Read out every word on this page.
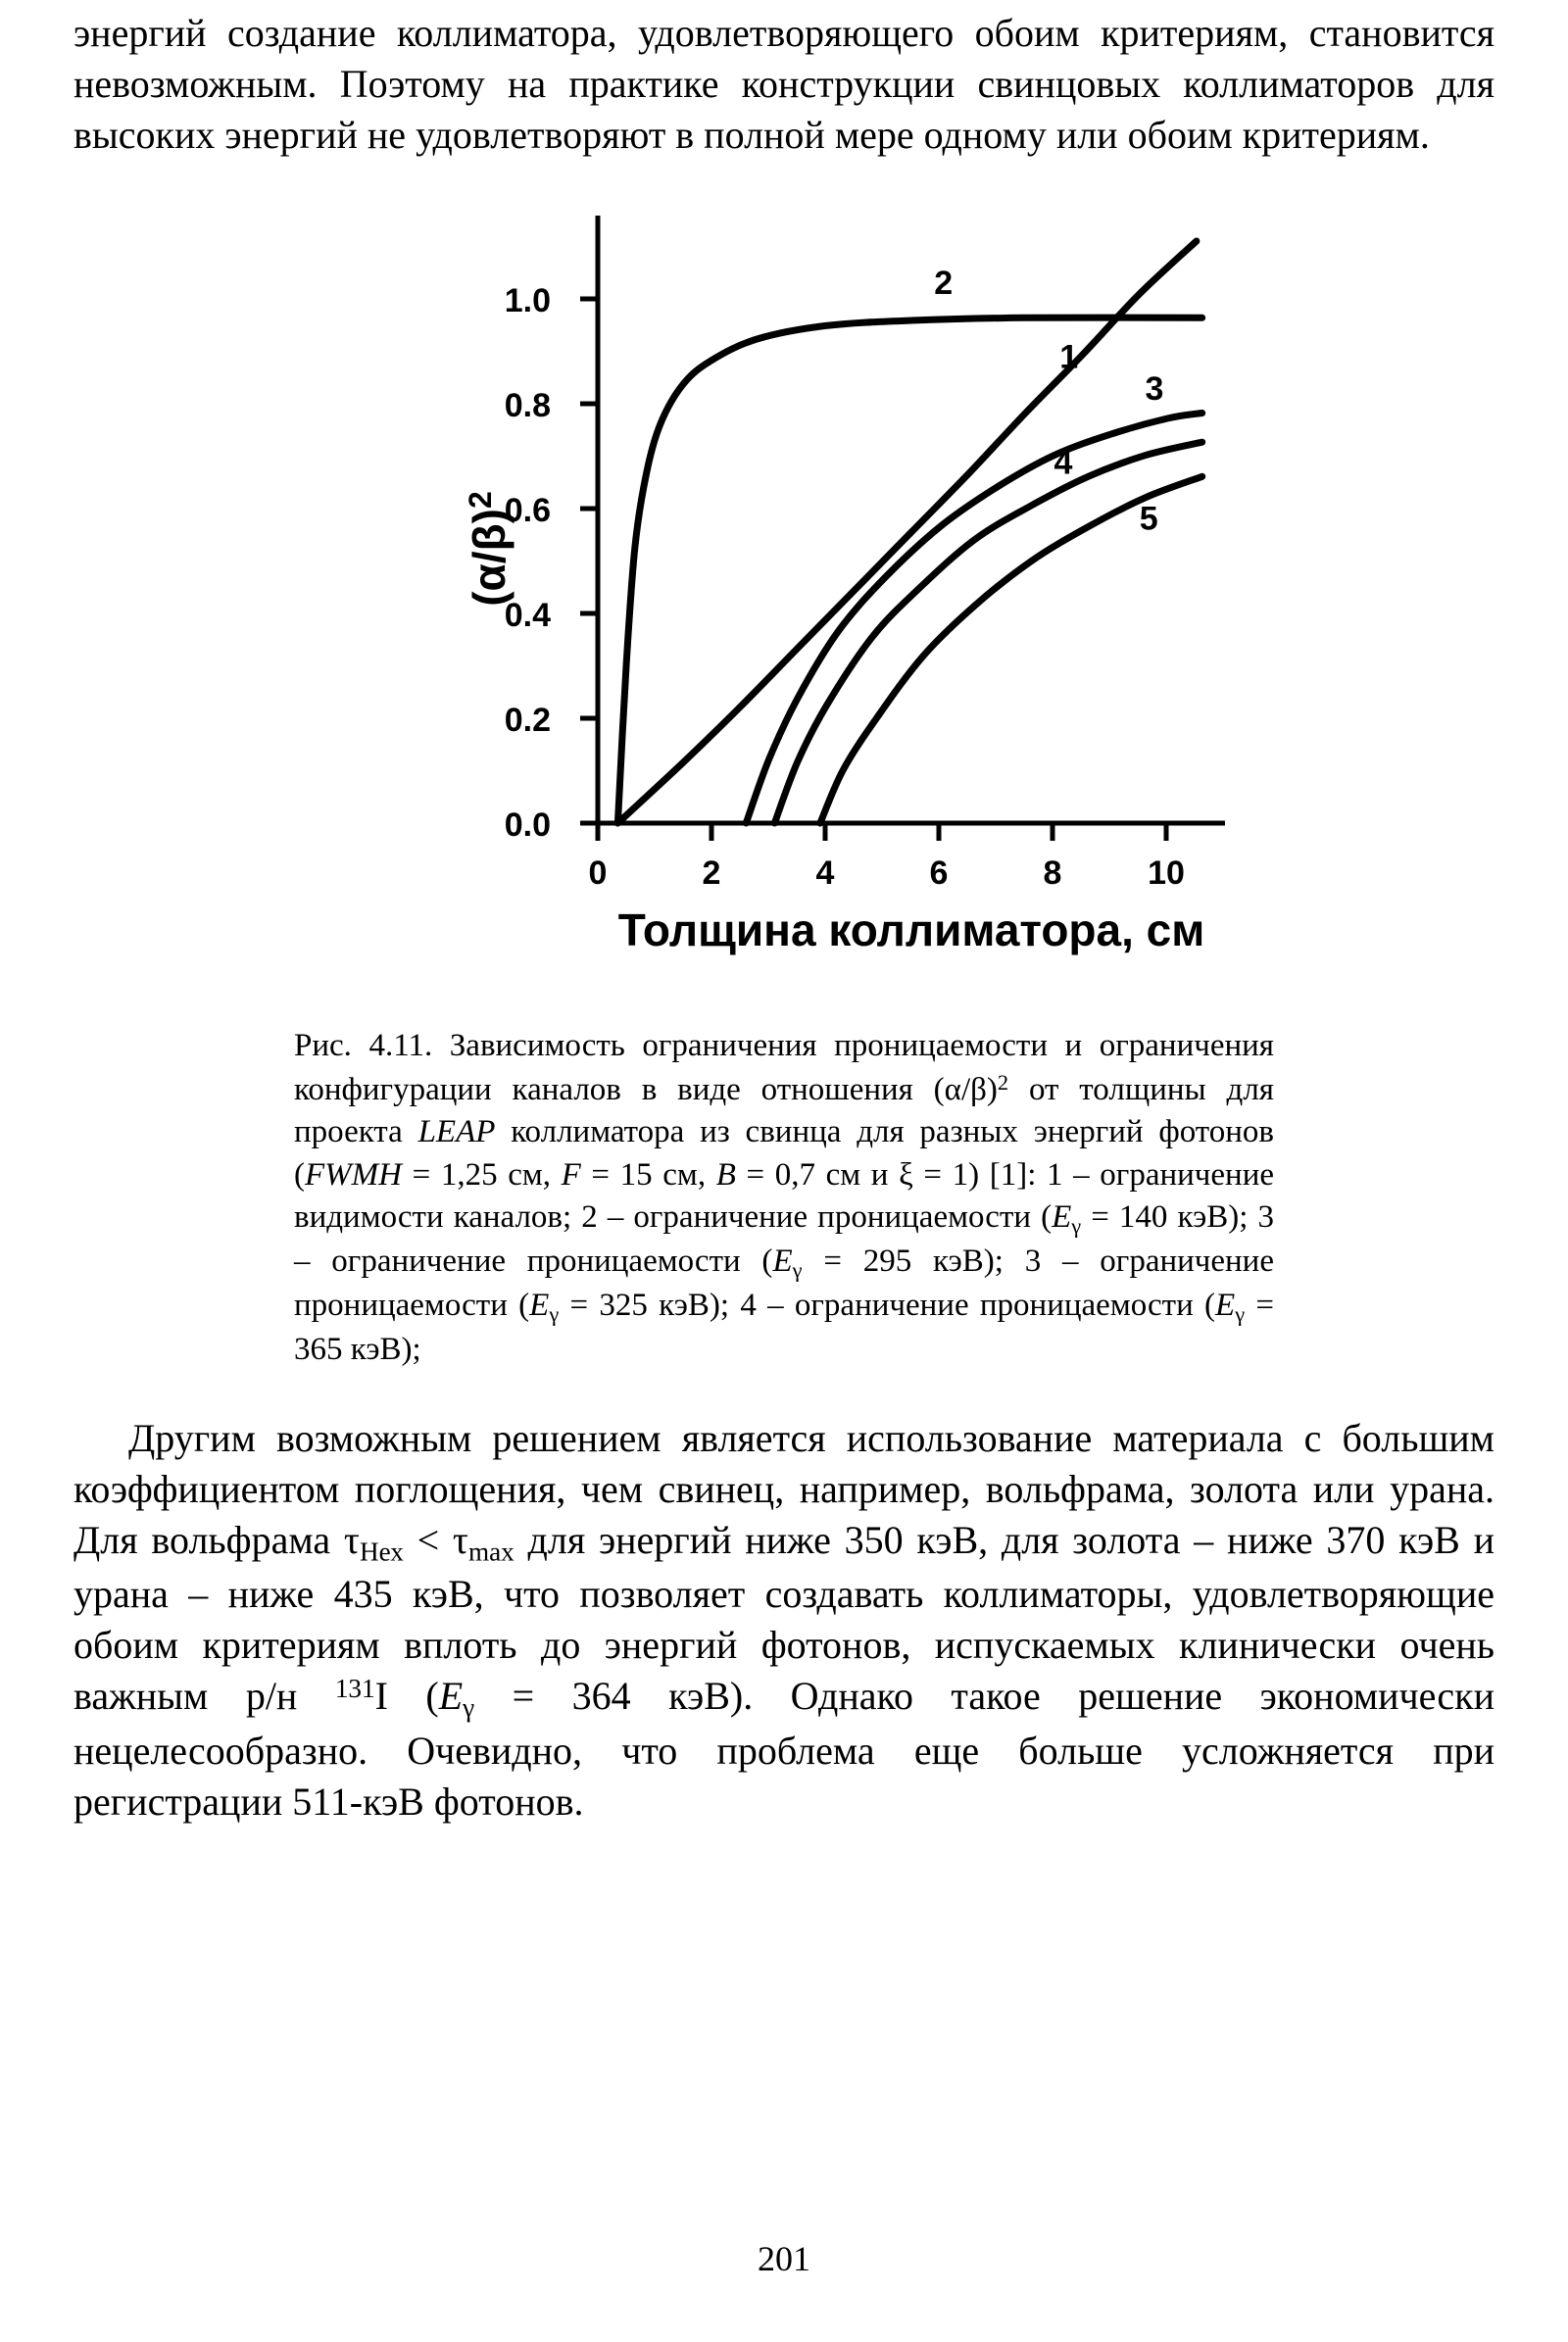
энергий создание коллиматора, удовлетворяющего обоим критериям, становится невозможным. Поэтому на практике конструкции свинцовых коллиматоров для высоких энергий не удовлетворяют в полной мере одному или обоим критериям.

0.0
0.2
0.4
0.6
0.8
1.0
0	2	4	6	8	10
2
1
3
4
5
$(\alpha/\beta)^2$
Толщина коллиматора, см
Рис. 4.11. Зависимость ограничения проницаемости и ограничения конфигурации каналов в виде отношения $(\alpha/\beta)^2$ от толщины для проекта LEAP коллиматора из свинца для разных энергий фотонов (FWMH = 1,25 см, F = 15 см, B = 0,7 см и ξ = 1) [1]: 1 – ограничение видимости каналов; 2 – ограничение проницаемости ($E_\gamma = 140$ кэВ); 3 – ограничение проницаемости ($E_\gamma = 295$ кэВ); 3 – ограничение проницаемости ($E_\gamma = 325$ кэВ); 4 – ограничение проницаемости ($E_\gamma = 365$ кэВ);

Другим возможным решением является использование материала с большим коэффициентом поглощения, чем свинец, например, вольфрама, золота или урана. Для вольфрама $\tau_{Нех} < \tau_{max}$ для энергий ниже 350 кэВ, для золота – ниже 370 кэВ и урана – ниже 435 кэВ, что позволяет создавать коллиматоры, удовлетворяющие обоим критериям вплоть до энергий фотонов, испускаемых клинически очень важным р/н $^{131}$I ($E_\gamma = 364$ кэВ). Однако такое решение экономически нецелесообразно. Очевидно, что проблема еще больше усложняется при регистрации 511-кэВ фотонов.

201
